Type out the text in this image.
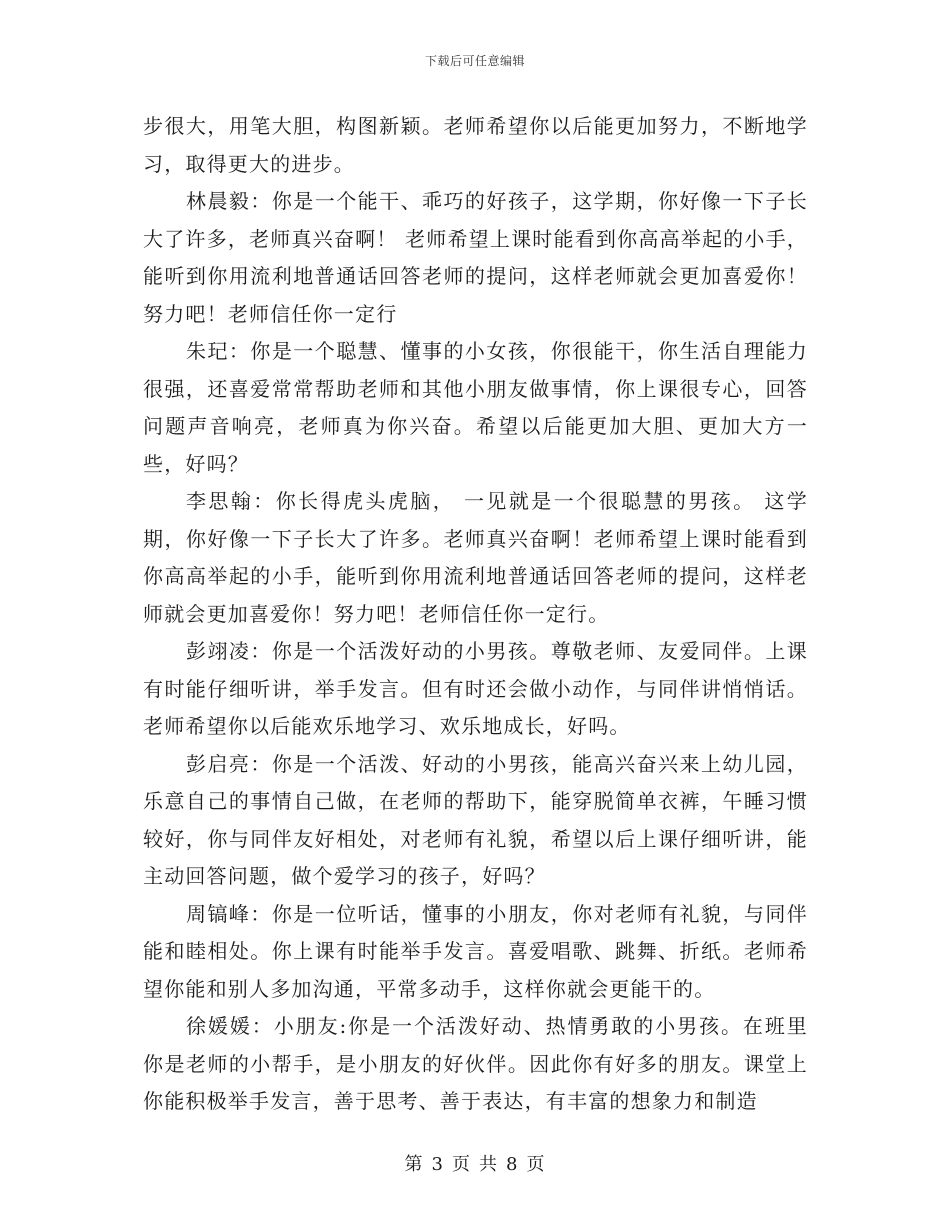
下载后可任意编辑

步很大，用笔大胆，构图新颖。老师希望你以后能更加努力，不断地学习，取得更大的进步。

林晨毅：你是一个能干、乖巧的好孩子，这学期，你好像一下子长大了许多，老师真兴奋啊！ 老师希望上课时能看到你高高举起的小手，能听到你用流利地普通话回答老师的提问，这样老师就会更加喜爱你！努力吧！老师信任你一定行

朱玘：你是一个聪慧、懂事的小女孩，你很能干，你生活自理能力很强，还喜爱常常帮助老师和其他小朋友做事情，你上课很专心，回答问题声音响亮，老师真为你兴奋。希望以后能更加大胆、更加大方一些，好吗？

李思翰：你长得虎头虎脑， 一见就是一个很聪慧的男孩。 这学期，你好像一下子长大了许多。老师真兴奋啊！老师希望上课时能看到你高高举起的小手，能听到你用流利地普通话回答老师的提问，这样老师就会更加喜爱你！努力吧！老师信任你一定行。

彭翊凌：你是一个活泼好动的小男孩。尊敬老师、友爱同伴。上课有时能仔细听讲，举手发言。但有时还会做小动作，与同伴讲悄悄话。老师希望你以后能欢乐地学习、欢乐地成长，好吗。

彭启亮：你是一个活泼、好动的小男孩，能高兴奋兴来上幼儿园，乐意自己的事情自己做，在老师的帮助下，能穿脱简单衣裤，午睡习惯较好，你与同伴友好相处，对老师有礼貌，希望以后上课仔细听讲，能主动回答问题，做个爱学习的孩子，好吗？

周镐峰：你是一位听话，懂事的小朋友，你对老师有礼貌，与同伴能和睦相处。你上课有时能举手发言。喜爱唱歌、跳舞、折纸。老师希望你能和别人多加沟通，平常多动手，这样你就会更能干的。

徐媛媛：小朋友:你是一个活泼好动、热情勇敢的小男孩。在班里你是老师的小帮手，是小朋友的好伙伴。因此你有好多的朋友。课堂上你能积极举手发言，善于思考、善于表达，有丰富的想象力和制造

第 3 页 共 8 页
